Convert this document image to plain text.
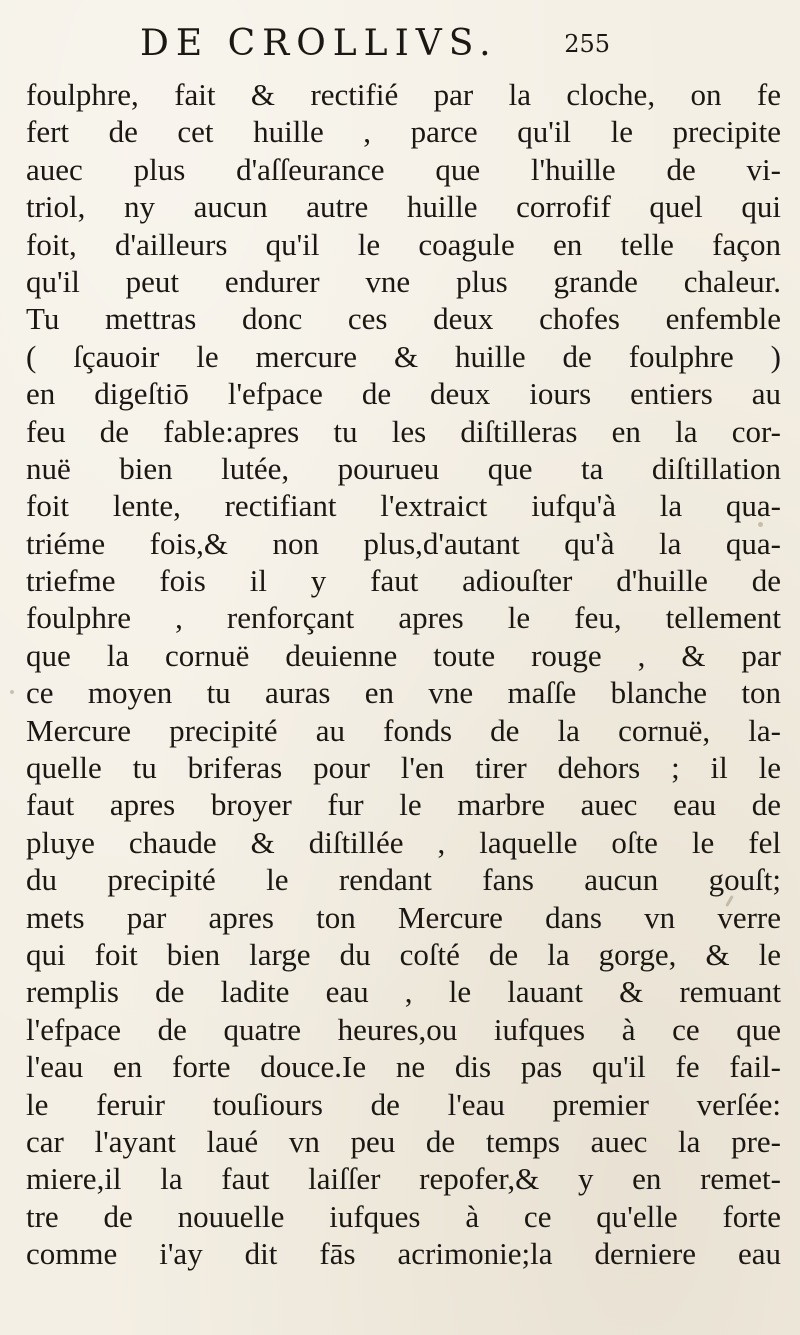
DE CROLLIVS.	255
foulphre, fait & rectifié par la cloche, on fe
fert de cet huille , parce qu'il le precipite
auec plus d'aſſeurance que l'huille de vi-
triol, ny aucun autre huille corrofif quel qui
foit, d'ailleurs qu'il le coagule en telle façon
qu'il peut endurer vne plus grande chaleur.
Tu mettras donc ces deux chofes enfemble
( ſçauoir le mercure & huille de foulphre )
en digeſtiō l'efpace de deux iours entiers au
feu de fable:apres tu les diſtilleras en la cor-
nuë bien lutée, pourueu que ta diſtillation
foit lente, rectifiant l'extraict iufqu'à la qua-
triéme fois,& non plus,d'autant qu'à la qua-
triefme fois il y faut adiouſter d'huille de
foulphre , renforçant apres le feu, tellement
que la cornuë deuienne toute rouge , & par
ce moyen tu auras en vne maſſe blanche ton
Mercure precipité au fonds de la cornuë, la-
quelle tu briferas pour l'en tirer dehors ; il le
faut apres broyer fur le marbre auec eau de
pluye chaude & diſtillée , laquelle oſte le fel
du precipité le rendant fans aucun gouſt;
mets par apres ton Mercure dans vn verre
qui foit bien large du coſté de la gorge, & le
remplis de ladite eau , le lauant & remuant
l'efpace de quatre heures,ou iufques à ce que
l'eau en forte douce.Ie ne dis pas qu'il fe fail-
le feruir touſiours de l'eau premier verſée:
car l'ayant laué vn peu de temps auec la pre-
miere,il la faut laiſſer repofer,& y en remet-
tre de nouuelle iufques à ce qu'elle forte
comme i'ay dit fās acrimonie;la derniere eau
